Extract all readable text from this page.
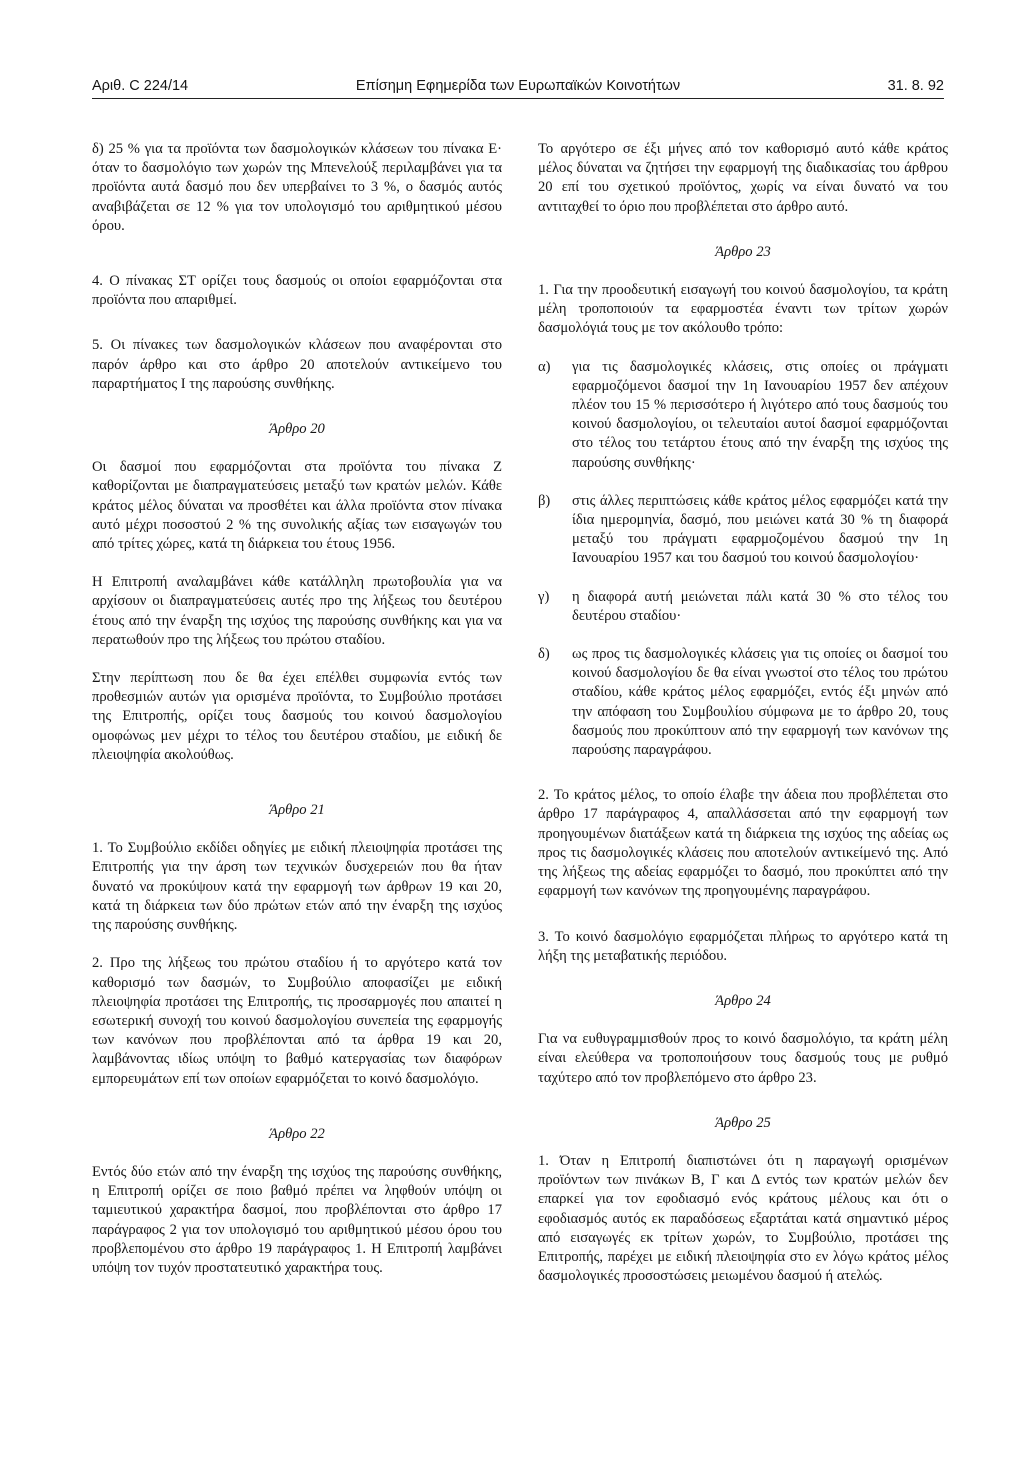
Αριθ. C 224/14	Επίσημη Εφημερίδα των Ευρωπαϊκών Κοινοτήτων	31. 8. 92

δ) 25 % για τα προϊόντα των δασμολογικών κλάσεων του πίνακα Ε· όταν το δασμολόγιο των χωρών της Μπενελούξ περιλαμβάνει για τα προϊόντα αυτά δασμό που δεν υπερβαίνει το 3 %, ο δασμός αυτός αναβιβάζεται σε 12 % για τον υπολογισμό του αριθμητικού μέσου όρου.

4. Ο πίνακας ΣΤ ορίζει τους δασμούς οι οποίοι εφαρμόζονται στα προϊόντα που απαριθμεί.

5. Οι πίνακες των δασμολογικών κλάσεων που αναφέρονται στο παρόν άρθρο και στο άρθρο 20 αποτελούν αντικείμενο του παραρτήματος Ι της παρούσης συνθήκης.

Άρθρο 20

Οι δασμοί που εφαρμόζονται στα προϊόντα του πίνακα Ζ καθορίζονται με διαπραγματεύσεις μεταξύ των κρατών μελών. Κάθε κράτος μέλος δύναται να προσθέτει και άλλα προϊόντα στον πίνακα αυτό μέχρι ποσοστού 2 % της συνολικής αξίας των εισαγωγών του από τρίτες χώρες, κατά τη διάρκεια του έτους 1956.

Η Επιτροπή αναλαμβάνει κάθε κατάλληλη πρωτοβουλία για να αρχίσουν οι διαπραγματεύσεις αυτές προ της λήξεως του δευτέρου έτους από την έναρξη της ισχύος της παρούσης συνθήκης και για να περατωθούν προ της λήξεως του πρώτου σταδίου.

Στην περίπτωση που δε θα έχει επέλθει συμφωνία εντός των προθεσμιών αυτών για ορισμένα προϊόντα, το Συμβούλιο προτάσει της Επιτροπής, ορίζει τους δασμούς του κοινού δασμολογίου ομοφώνως μεν μέχρι το τέλος του δευτέρου σταδίου, με ειδική δε πλειοψηφία ακολούθως.

Άρθρο 21

1. Το Συμβούλιο εκδίδει οδηγίες με ειδική πλειοψηφία προτάσει της Επιτροπής για την άρση των τεχνικών δυσχερειών που θα ήταν δυνατό να προκύψουν κατά την εφαρμογή των άρθρων 19 και 20, κατά τη διάρκεια των δύο πρώτων ετών από την έναρξη της ισχύος της παρούσης συνθήκης.

2. Προ της λήξεως του πρώτου σταδίου ή το αργότερο κατά τον καθορισμό των δασμών, το Συμβούλιο αποφασίζει με ειδική πλειοψηφία προτάσει της Επιτροπής, τις προσαρμογές που απαιτεί η εσωτερική συνοχή του κοινού δασμολογίου συνεπεία της εφαρμογής των κανόνων που προβλέπονται από τα άρθρα 19 και 20, λαμβάνοντας ιδίως υπόψη το βαθμό κατεργασίας των διαφόρων εμπορευμάτων επί των οποίων εφαρμόζεται το κοινό δασμολόγιο.

Άρθρο 22

Εντός δύο ετών από την έναρξη της ισχύος της παρούσης συνθήκης, η Επιτροπή ορίζει σε ποιο βαθμό πρέπει να ληφθούν υπόψη οι ταμιευτικού χαρακτήρα δασμοί, που προβλέπονται στο άρθρο 17 παράγραφος 2 για τον υπολογισμό του αριθμητικού μέσου όρου του προβλεπομένου στο άρθρο 19 παράγραφος 1. Η Επιτροπή λαμβάνει υπόψη τον τυχόν προστατευτικό χαρακτήρα τους.

Το αργότερο σε έξι μήνες από τον καθορισμό αυτό κάθε κράτος μέλος δύναται να ζητήσει την εφαρμογή της διαδικασίας του άρθρου 20 επί του σχετικού προϊόντος, χωρίς να είναι δυνατό να του αντιταχθεί το όριο που προβλέπεται στο άρθρο αυτό.

Άρθρο 23

1. Για την προοδευτική εισαγωγή του κοινού δασμολογίου, τα κράτη μέλη τροποποιούν τα εφαρμοστέα έναντι των τρίτων χωρών δασμολόγιά τους με τον ακόλουθο τρόπο:

α) για τις δασμολογικές κλάσεις, στις οποίες οι πράγματι εφαρμοζόμενοι δασμοί την 1η Ιανουαρίου 1957 δεν απέχουν πλέον του 15 % περισσότερο ή λιγότερο από τους δασμούς του κοινού δασμολογίου, οι τελευταίοι αυτοί δασμοί εφαρμόζονται στο τέλος του τετάρτου έτους από την έναρξη της ισχύος της παρούσης συνθήκης·
β) στις άλλες περιπτώσεις κάθε κράτος μέλος εφαρμόζει κατά την ίδια ημερομηνία, δασμό, που μειώνει κατά 30 % τη διαφορά μεταξύ του πράγματι εφαρμοζομένου δασμού την 1η Ιανουαρίου 1957 και του δασμού του κοινού δασμολογίου·
γ) η διαφορά αυτή μειώνεται πάλι κατά 30 % στο τέλος του δευτέρου σταδίου·
δ) ως προς τις δασμολογικές κλάσεις για τις οποίες οι δασμοί του κοινού δασμολογίου δε θα είναι γνωστοί στο τέλος του πρώτου σταδίου, κάθε κράτος μέλος εφαρμόζει, εντός έξι μηνών από την απόφαση του Συμβουλίου σύμφωνα με το άρθρο 20, τους δασμούς που προκύπτουν από την εφαρμογή των κανόνων της παρούσης παραγράφου.

2. Το κράτος μέλος, το οποίο έλαβε την άδεια που προβλέπεται στο άρθρο 17 παράγραφος 4, απαλλάσσεται από την εφαρμογή των προηγουμένων διατάξεων κατά τη διάρκεια της ισχύος της αδείας ως προς τις δασμολογικές κλάσεις που αποτελούν αντικείμενό της. Από της λήξεως της αδείας εφαρμόζει το δασμό, που προκύπτει από την εφαρμογή των κανόνων της προηγουμένης παραγράφου.

3. Το κοινό δασμολόγιο εφαρμόζεται πλήρως το αργότερο κατά τη λήξη της μεταβατικής περιόδου.

Άρθρο 24

Για να ευθυγραμμισθούν προς το κοινό δασμολόγιο, τα κράτη μέλη είναι ελεύθερα να τροποποιήσουν τους δασμούς τους με ρυθμό ταχύτερο από τον προβλεπόμενο στο άρθρο 23.

Άρθρο 25

1. Όταν η Επιτροπή διαπιστώνει ότι η παραγωγή ορισμένων προϊόντων των πινάκων Β, Γ και Δ εντός των κρατών μελών δεν επαρκεί για τον εφοδιασμό ενός κράτους μέλους και ότι ο εφοδιασμός αυτός εκ παραδόσεως εξαρτάται κατά σημαντικό μέρος από εισαγωγές εκ τρίτων χωρών, το Συμβούλιο, προτάσει της Επιτροπής, παρέχει με ειδική πλειοψηφία στο εν λόγω κράτος μέλος δασμολογικές προσοστώσεις μειωμένου δασμού ή ατελώς.
